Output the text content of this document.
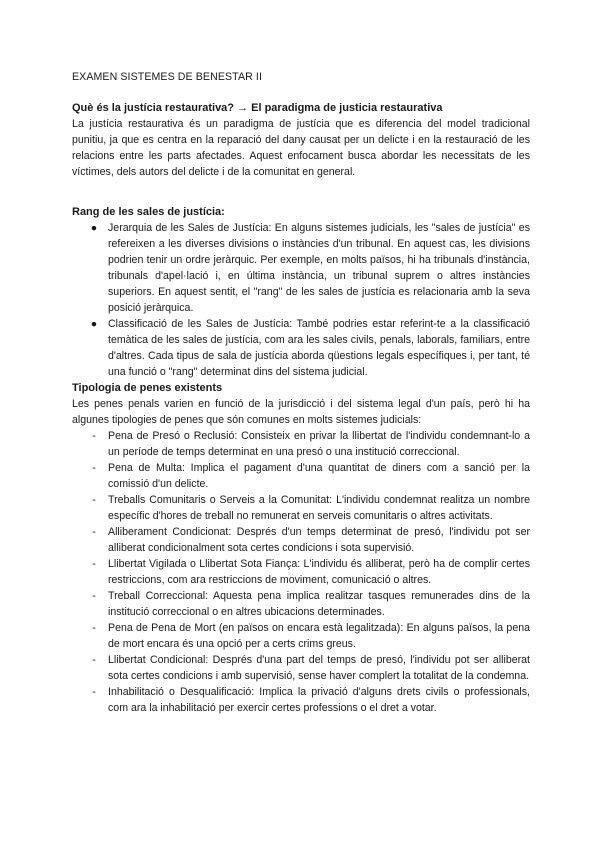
EXAMEN SISTEMES DE BENESTAR II

Què és la justícia restaurativa? → El paradigma de justicia restaurativa

La justícia restaurativa és un paradigma de justícia que es diferencia del model tradicional punitiu, ja que es centra en la reparació del dany causat per un delicte i en la restauració de les relacions entre les parts afectades. Aquest enfocament busca abordar les necessitats de les víctimes, dels autors del delicte i de la comunitat en general.

Rang de les sales de justícia:

●	Jerarquia de les Sales de Justícia: En alguns sistemes judicials, les "sales de justícia" es refereixen a les diverses divisions o instàncies d'un tribunal. En aquest cas, les divisions podrien tenir un ordre jeràrquic. Per exemple, en molts països, hi ha tribunals d'instància, tribunals d'apel·lació i, en última instància, un tribunal suprem o altres instàncies superiors. En aquest sentit, el "rang" de les sales de justícia es relacionaria amb la seva posició jeràrquica.
●	Classificació de les Sales de Justícia: També podries estar referint-te a la classificació temàtica de les sales de justícia, com ara les sales civils, penals, laborals, familiars, entre d'altres. Cada tipus de sala de justícia aborda qüestions legals específiques i, per tant, té una funció o "rang" determinat dins del sistema judicial.

Tipologia de penes existents

Les penes penals varien en funció de la jurisdicció i del sistema legal d'un país, però hi ha algunes tipologies de penes que són comunes en molts sistemes judicials:

-	Pena de Presó o Reclusió: Consisteix en privar la llibertat de l'individu condemnant-lo a un període de temps determinat en una presó o una institució correccional.
-	Pena de Multa: Implica el pagament d'una quantitat de diners com a sanció per la comissió d'un delicte.
-	Treballs Comunitaris o Serveis a la Comunitat: L'individu condemnat realitza un nombre específic d'hores de treball no remunerat en serveis comunitaris o altres activitats.
-	Alliberament Condicionat: Després d'un temps determinat de presó, l'individu pot ser alliberat condicionalment sota certes condicions i sota supervisió.
-	Llibertat Vigilada o Llibertat Sota Fiança: L'individu és alliberat, però ha de complir certes restriccions, com ara restriccions de moviment, comunicació o altres.
-	Treball Correccional: Aquesta pena implica realitzar tasques remunerades dins de la institució correccional o en altres ubicacions determinades.
-	Pena de Pena de Mort (en països on encara està legalitzada): En alguns països, la pena de mort encara és una opció per a certs crims greus.
-	Llibertat Condicional: Després d'una part del temps de presó, l'individu pot ser alliberat sota certes condicions i amb supervisió, sense haver complert la totalitat de la condemna.
-	Inhabilitació o Desqualificació: Implica la privació d'alguns drets civils o professionals, com ara la inhabilitació per exercir certes professions o el dret a votar.
